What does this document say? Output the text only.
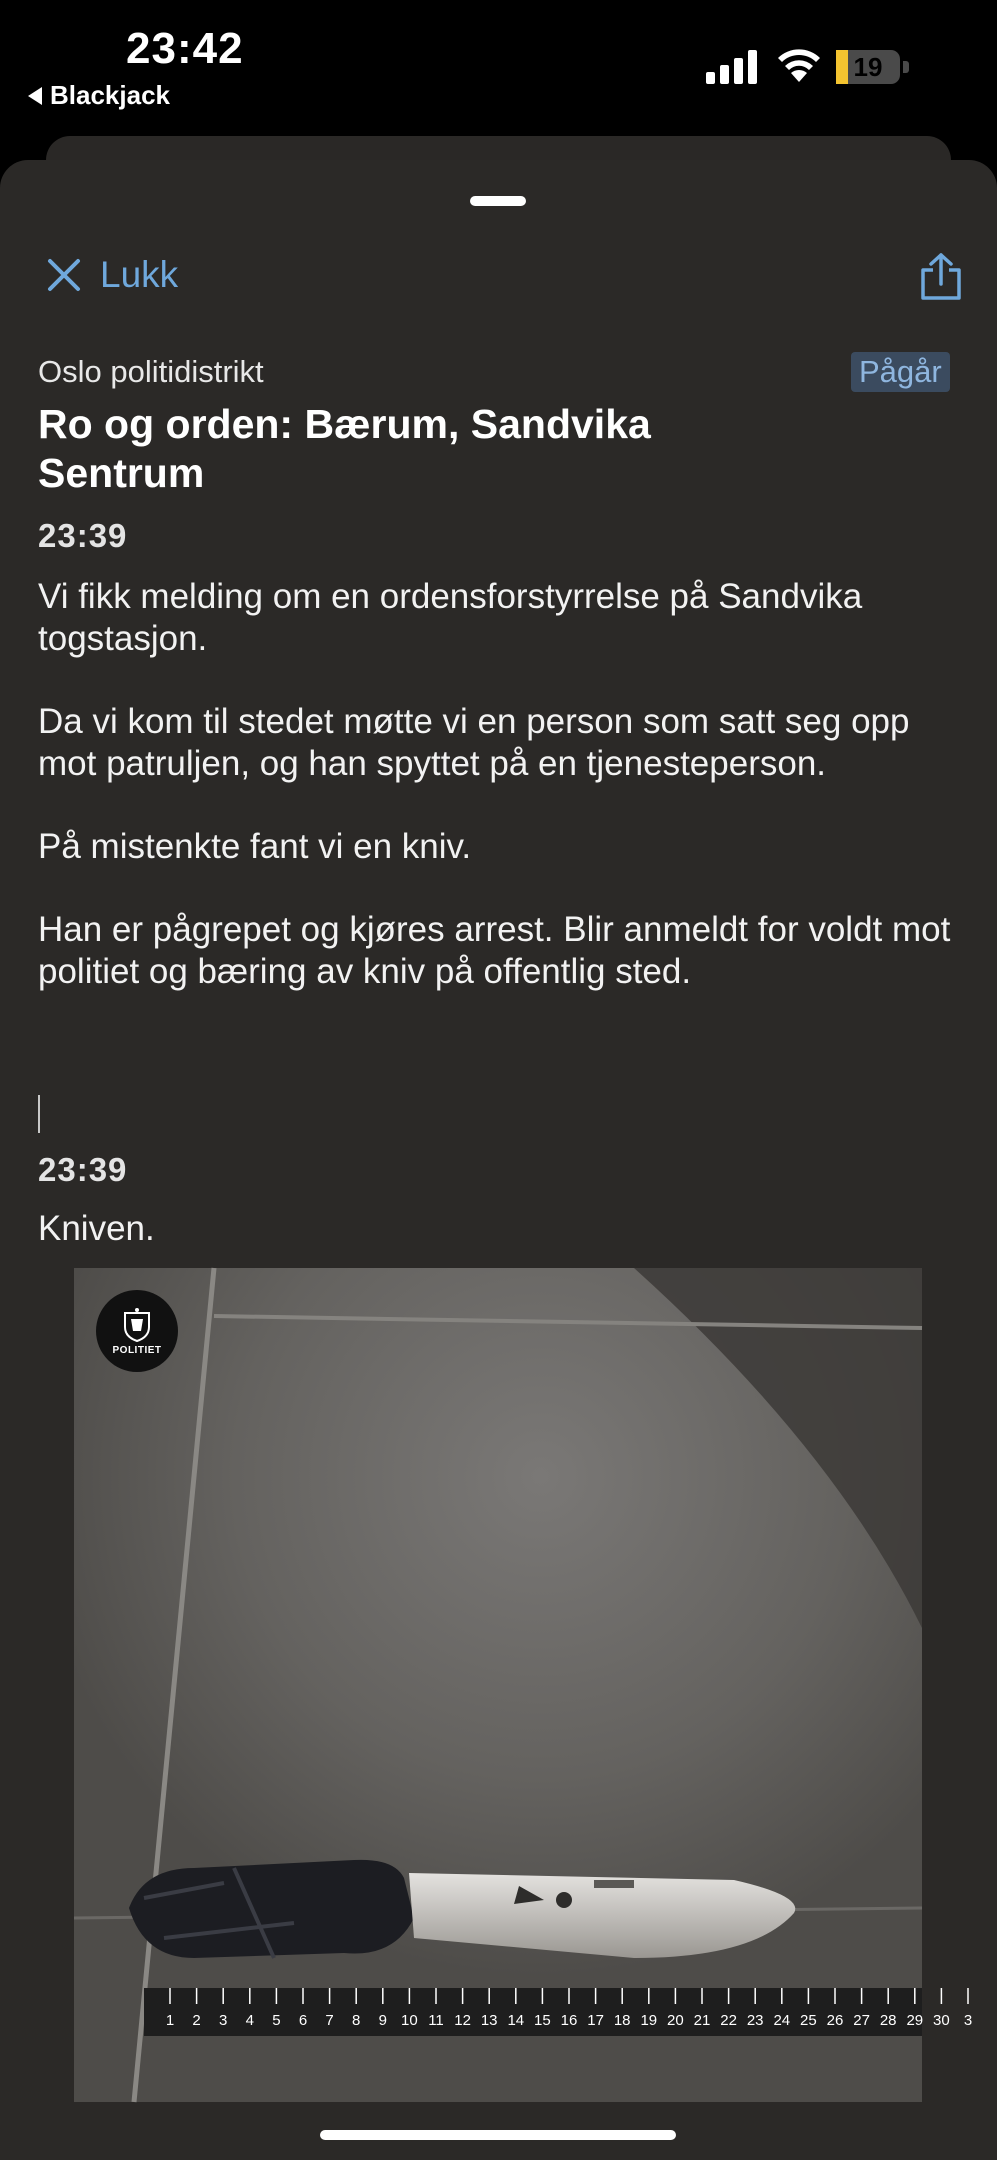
23:42
Blackjack
19
Lukk
Oslo politidistrikt	Pågår
Ro og orden: Bærum, Sandvika Sentrum
23:39

Vi fikk melding om en ordensforstyrrelse på Sandvika togstasjon.

Da vi kom til stedet møtte vi en person som satt seg opp mot patruljen, og han spyttet på en tjenesteperson.

På mistenkte fant vi en kniv.

Han er pågrepet og kjøres arrest. Blir anmeldt for voldt mot politiet og bæring av kniv på offentlig sted.

23:39

Kniven.

1 2 3 4 5 6 7 8 9 10 11 12 13 14 15 16 17 18 19 20 21 22 23 24 25 26 27 28 29 30 3
POLITIET
